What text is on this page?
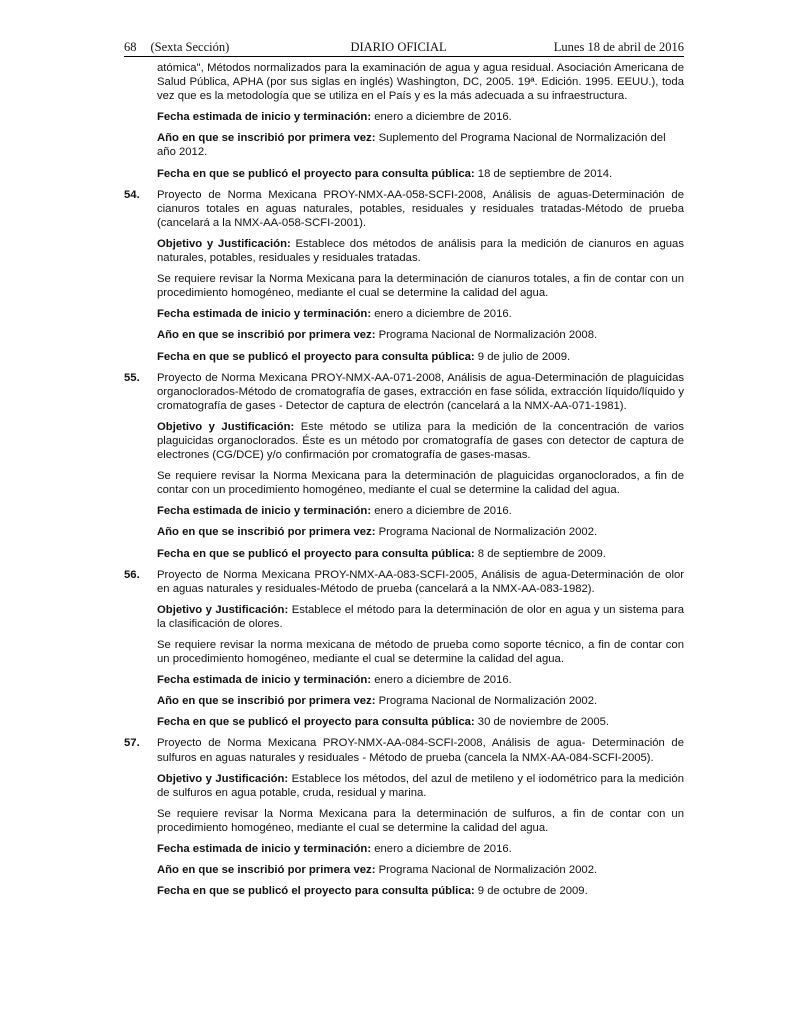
68 (Sexta Sección)	DIARIO OFICIAL	Lunes 18 de abril de 2016
atómica", Métodos normalizados para la examinación de agua y agua residual. Asociación Americana de Salud Pública, APHA (por sus siglas en inglés) Washington, DC, 2005. 19ª. Edición. 1995. EEUU.), toda vez que es la metodología que se utiliza en el País y es la más adecuada a su infraestructura.
Fecha estimada de inicio y terminación: enero a diciembre de 2016.
Año en que se inscribió por primera vez: Suplemento del Programa Nacional de Normalización del año 2012.
Fecha en que se publicó el proyecto para consulta pública: 18 de septiembre de 2014.
54.	Proyecto de Norma Mexicana PROY-NMX-AA-058-SCFI-2008, Análisis de aguas-Determinación de cianuros totales en aguas naturales, potables, residuales y residuales tratadas-Método de prueba (cancelará a la NMX-AA-058-SCFI-2001).
Objetivo y Justificación: Establece dos métodos de análisis para la medición de cianuros en aguas naturales, potables, residuales y residuales tratadas.
Se requiere revisar la Norma Mexicana para la determinación de cianuros totales, a fin de contar con un procedimiento homogéneo, mediante el cual se determine la calidad del agua.
Fecha estimada de inicio y terminación: enero a diciembre de 2016.
Año en que se inscribió por primera vez: Programa Nacional de Normalización 2008.
Fecha en que se publicó el proyecto para consulta pública: 9 de julio de 2009.
55.	Proyecto de Norma Mexicana PROY-NMX-AA-071-2008, Análisis de agua-Determinación de plaguicidas organoclorados-Método de cromatografía de gases, extracción en fase sólida, extracción líquido/líquido y cromatografía de gases - Detector de captura de electrón (cancelará a la NMX-AA-071-1981).
Objetivo y Justificación: Este método se utiliza para la medición de la concentración de varios plaguicidas organoclorados. Éste es un método por cromatografía de gases con detector de captura de electrones (CG/DCE) y/o confirmación por cromatografía de gases-masas.
Se requiere revisar la Norma Mexicana para la determinación de plaguicidas organoclorados, a fin de contar con un procedimiento homogéneo, mediante el cual se determine la calidad del agua.
Fecha estimada de inicio y terminación: enero a diciembre de 2016.
Año en que se inscribió por primera vez: Programa Nacional de Normalización 2002.
Fecha en que se publicó el proyecto para consulta pública: 8 de septiembre de 2009.
56.	Proyecto de Norma Mexicana PROY-NMX-AA-083-SCFI-2005, Análisis de agua-Determinación de olor en aguas naturales y residuales-Método de prueba (cancelará a la NMX-AA-083-1982).
Objetivo y Justificación: Establece el método para la determinación de olor en agua y un sistema para la clasificación de olores.
Se requiere revisar la norma mexicana de método de prueba como soporte técnico, a fin de contar con un procedimiento homogéneo, mediante el cual se determine la calidad del agua.
Fecha estimada de inicio y terminación: enero a diciembre de 2016.
Año en que se inscribió por primera vez: Programa Nacional de Normalización 2002.
Fecha en que se publicó el proyecto para consulta pública: 30 de noviembre de 2005.
57.	Proyecto de Norma Mexicana PROY-NMX-AA-084-SCFI-2008, Análisis de agua- Determinación de sulfuros en aguas naturales y residuales - Método de prueba (cancela la NMX-AA-084-SCFI-2005).
Objetivo y Justificación: Establece los métodos, del azul de metileno y el iodométrico para la medición de sulfuros en agua potable, cruda, residual y marina.
Se requiere revisar la Norma Mexicana para la determinación de sulfuros, a fin de contar con un procedimiento homogéneo, mediante el cual se determine la calidad del agua.
Fecha estimada de inicio y terminación: enero a diciembre de 2016.
Año en que se inscribió por primera vez: Programa Nacional de Normalización 2002.
Fecha en que se publicó el proyecto para consulta pública: 9 de octubre de 2009.
